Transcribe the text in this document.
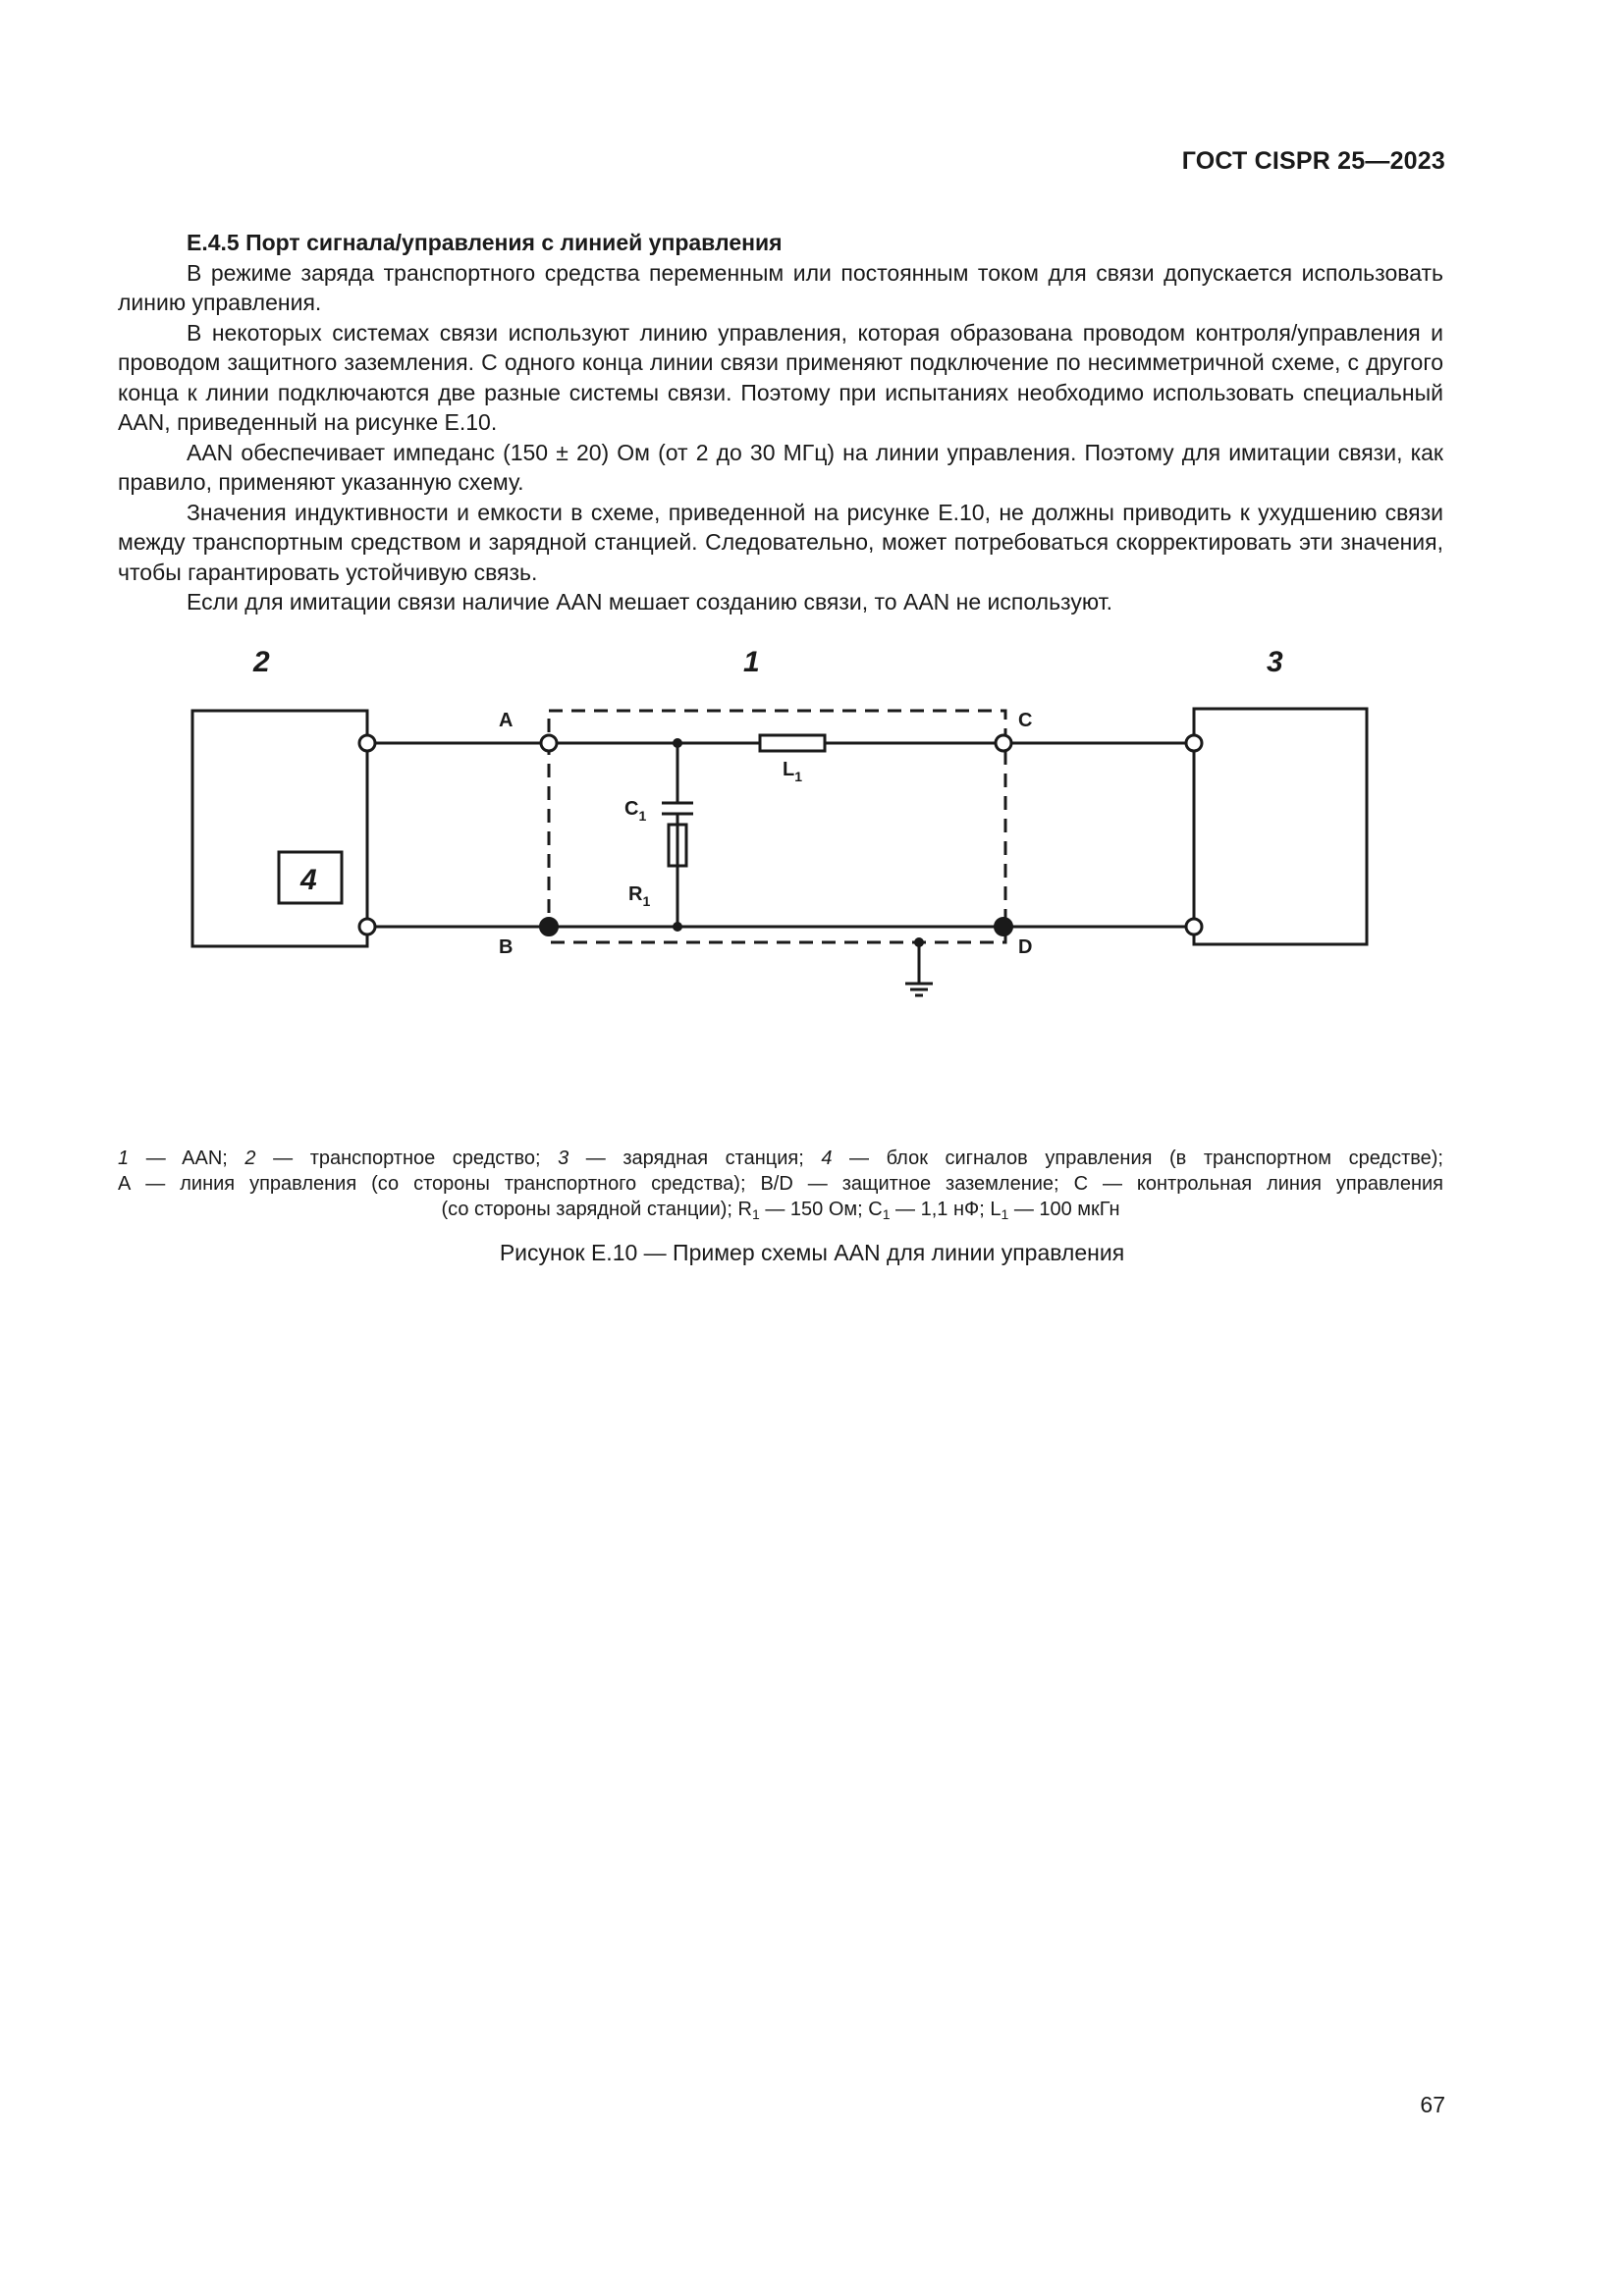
ГОСТ CISPR 25—2023

Е.4.5 Порт сигнала/управления с линией управления

В режиме заряда транспортного средства переменным или постоянным током для связи допускается использовать линию управления.

В некоторых системах связи используют линию управления, которая образована проводом контроля/управления и проводом защитного заземления. С одного конца линии связи применяют подключение по несимметричной схеме, с другого конца к линии подключаются две разные системы связи. Поэтому при испытаниях необходимо использовать специальный AAN, приведенный на рисунке Е.10.

AAN обеспечивает импеданс (150 ± 20) Ом (от 2 до 30 МГц) на линии управления. Поэтому для имитации связи, как правило, применяют указанную схему.

Значения индуктивности и емкости в схеме, приведенной на рисунке Е.10, не должны приводить к ухудшению связи между транспортным средством и зарядной станцией. Следовательно, может потребоваться скорректировать эти значения, чтобы гарантировать устойчивую связь.

Если для имитации связи наличие AAN мешает созданию связи, то AAN не используют.

2	1	3
4
A
B
C
D
$L_1$
$C_1$
$R_1$

1 — AAN; 2 — транспортное средство; 3 — зарядная станция; 4 — блок сигналов управления (в транспортном средстве);

А — линия управления (со стороны транспортного средства); B/D — защитное заземление; С — контрольная линия управления

(со стороны зарядной станции); $R_1$ — 150 Ом; $С_1$ — 1,1 нФ; $L_1$ — 100 мкГн

Рисунок Е.10 — Пример схемы AAN для линии управления
67
